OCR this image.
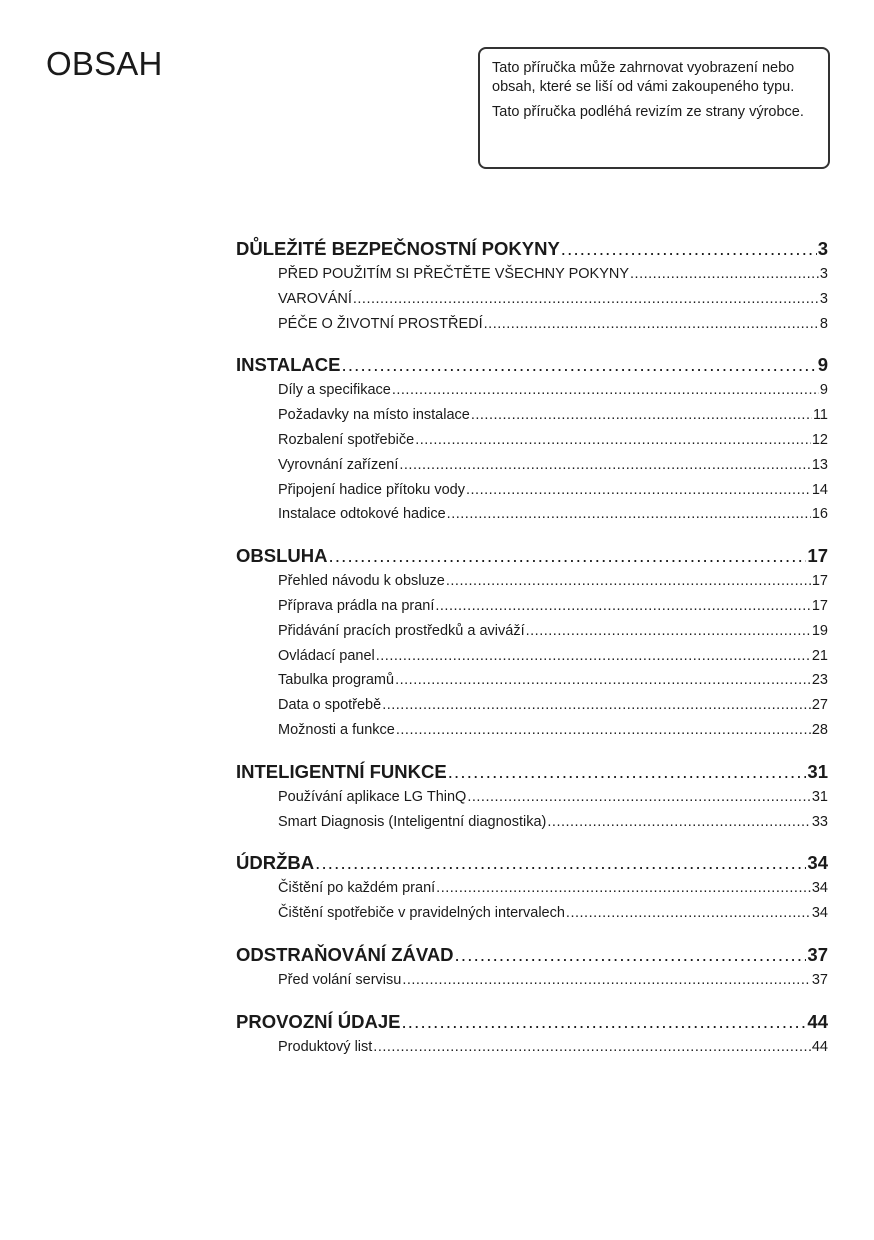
OBSAH	Tato příručka může zahrnovat vyobrazení nebo obsah, které se liší od vámi zakoupeného typu.

Tato příručka podléhá revizím ze strany výrobce.

DŮLEŽITÉ BEZPEČNOSTNÍ POKYNY .....	3
PŘED POUŽITÍM SI PŘEČTĚTE VŠECHNY POKYNY .....	3
VAROVÁNÍ .....	3
PÉČE O ŽIVOTNÍ PROSTŘEDÍ .....	8
INSTALACE .....	9
Díly a specifikace .....	9
Požadavky na místo instalace .....	11
Rozbalení spotřebiče .....	12
Vyrovnání zařízení .....	13
Připojení hadice přítoku vody .....	14
Instalace odtokové hadice .....	16
OBSLUHA .....	17
Přehled návodu k obsluze .....	17
Příprava prádla na praní .....	17
Přidávání pracích prostředků a aviváží .....	19
Ovládací panel .....	21
Tabulka programů .....	23
Data o spotřebě .....	27
Možnosti a funkce .....	28
INTELIGENTNÍ FUNKCE .....	31
Používání aplikace LG ThinQ .....	31
Smart Diagnosis (Inteligentní diagnostika) .....	33
ÚDRŽBA .....	34
Čištění po každém praní .....	34
Čištění spotřebiče v pravidelných intervalech .....	34
ODSTRAŇOVÁNÍ ZÁVAD .....	37
Před volání servisu .....	37
PROVOZNÍ ÚDAJE .....	44
Produktový list .....	44
